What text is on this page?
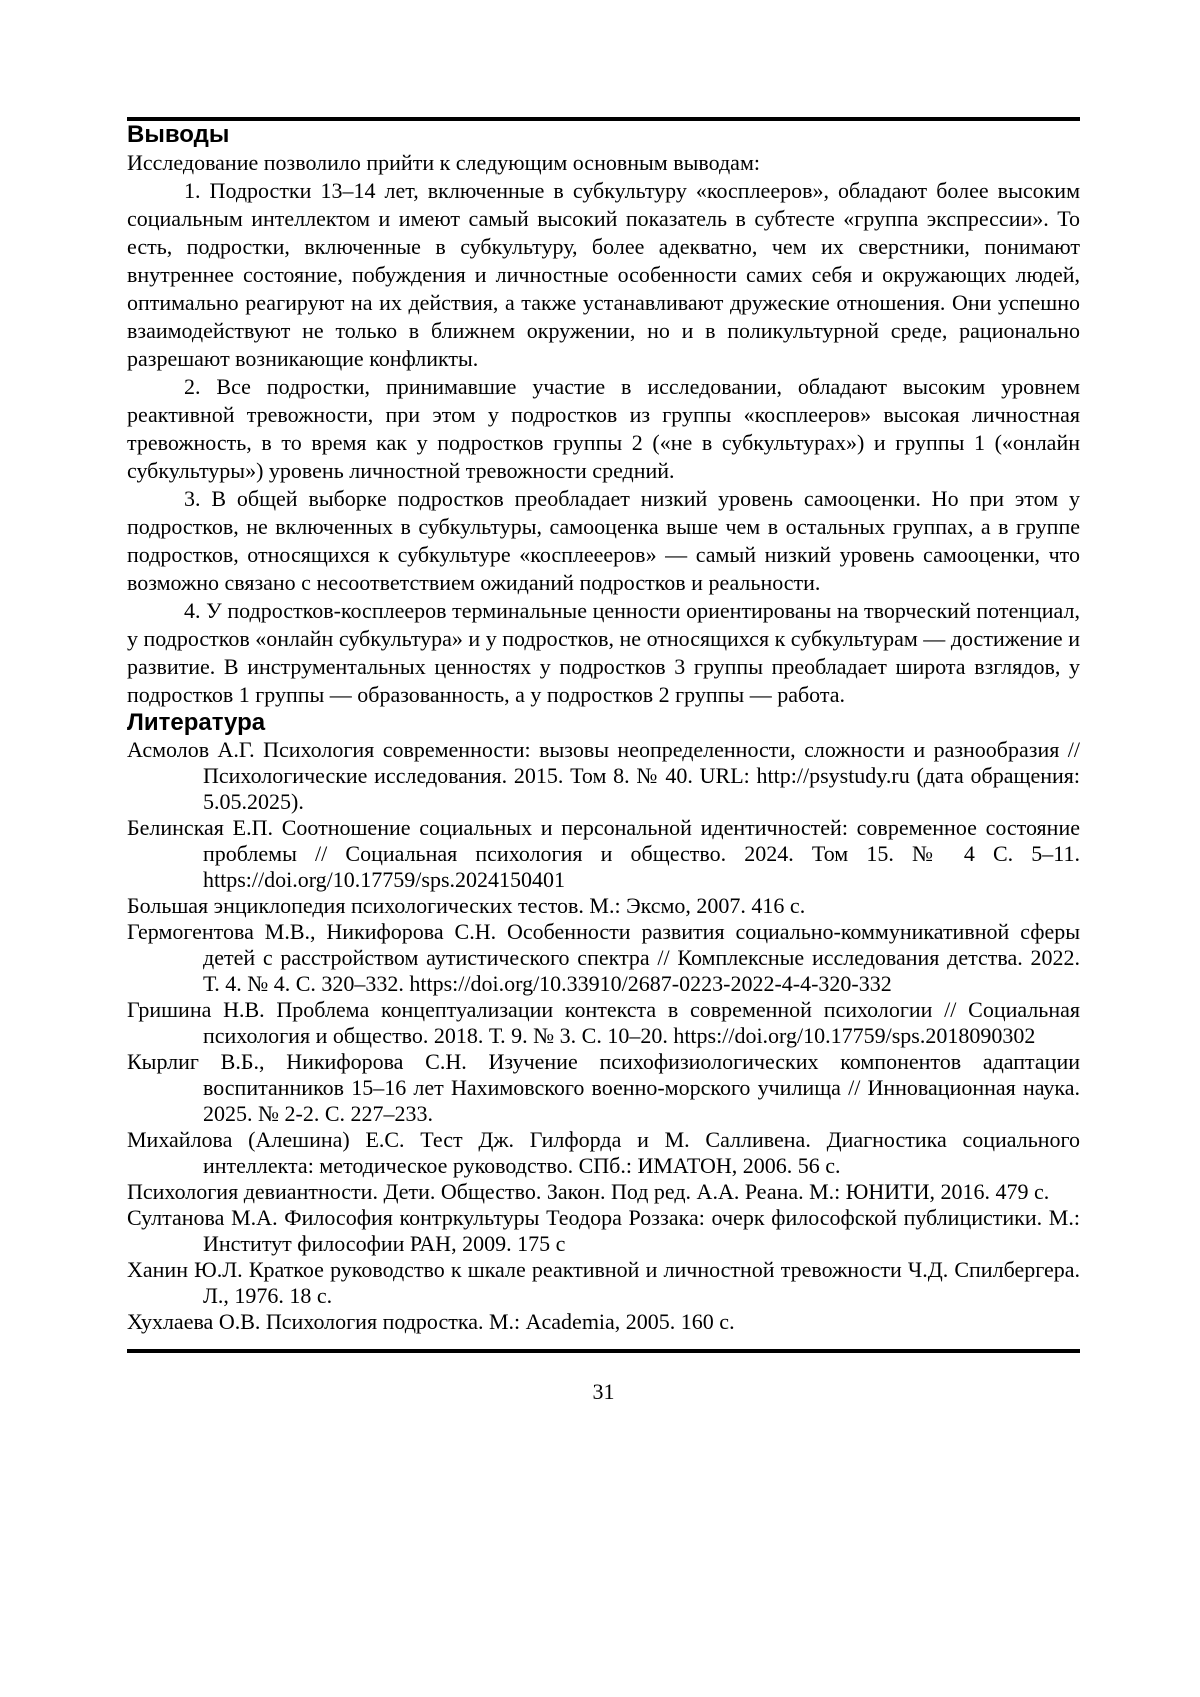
Выводы

Исследование позволило прийти к следующим основным выводам:

1. Подростки 13–14 лет, включенные в субкультуру «косплееров», обладают более высоким социальным интеллектом и имеют самый высокий показатель в субтесте «группа экспрессии». То есть, подростки, включенные в субкультуру, более адекватно, чем их сверстники, понимают внутреннее состояние, побуждения и личностные особенности самих себя и окружающих людей, оптимально реагируют на их действия, а также устанавливают дружеские отношения. Они успешно взаимодействуют не только в ближнем окружении, но и в поликультурной среде, рационально разрешают возникающие конфликты.

2. Все подростки, принимавшие участие в исследовании, обладают высоким уровнем реактивной тревожности, при этом у подростков из группы «косплееров» высокая личностная тревожность, в то время как у подростков группы 2 («не в субкультурах») и группы 1 («онлайн субкультуры») уровень личностной тревожности средний.

3. В общей выборке подростков преобладает низкий уровень самооценки. Но при этом у подростков, не включенных в субкультуры, самооценка выше чем в остальных группах, а в группе подростков, относящихся к субкультуре «косплеееров» — самый низкий уровень самооценки, что возможно связано с несоответствием ожиданий подростков и реальности.

4. У подростков-косплееров терминальные ценности ориентированы на творческий потенциал, у подростков «онлайн субкультура» и у подростков, не относящихся к субкультурам — достижение и развитие. В инструментальных ценностях у подростков 3 группы преобладает широта взглядов, у подростков 1 группы — образованность, а у подростков 2 группы — работа.

Литература

Асмолов А.Г. Психология современности: вызовы неопределенности, сложности и разнообразия // Психологические исследования. 2015. Том 8. № 40. URL: http://psystudy.ru (дата обращения: 5.05.2025).

Белинская Е.П. Соотношение социальных и персональной идентичностей: современное состояние проблемы // Социальная психология и общество. 2024. Том 15. № 4 С. 5–11. https://doi.org/10.17759/sps.2024150401

Большая энциклопедия психологических тестов. М.: Эксмо, 2007. 416 с.

Гермогентова М.В., Никифорова С.Н. Особенности развития социально-коммуникативной сферы детей с расстройством аутистического спектра // Комплексные исследования детства. 2022. Т. 4. № 4. С. 320–332. https://doi.org/10.33910/2687-0223-2022-4-4-320-332

Гришина Н.В. Проблема концептуализации контекста в современной психологии // Социальная психология и общество. 2018. Т. 9. № 3. С. 10–20. https://doi.org/10.17759/sps.2018090302

Кырлиг В.Б., Никифорова С.Н. Изучение психофизиологических компонентов адаптации воспитанников 15–16 лет Нахимовского военно-морского училища // Инновационная наука. 2025. № 2-2. С. 227–233.

Михайлова (Алешина) Е.С. Тест Дж. Гилфорда и М. Салливена. Диагностика социального интеллекта: методическое руководство. СПб.: ИМАТОН, 2006. 56 с.

Психология девиантности. Дети. Общество. Закон. Под ред. А.А. Реана. М.: ЮНИТИ, 2016. 479 с.

Султанова М.А. Философия контркультуры Теодора Роззака: очерк философской публицистики. М.: Институт философии РАН, 2009. 175 с

Ханин Ю.Л. Краткое руководство к шкале реактивной и личностной тревожности Ч.Д. Спилбергера. Л., 1976. 18 с.

Хухлаева О.В. Психология подростка. М.: Academia, 2005. 160 с.

31
